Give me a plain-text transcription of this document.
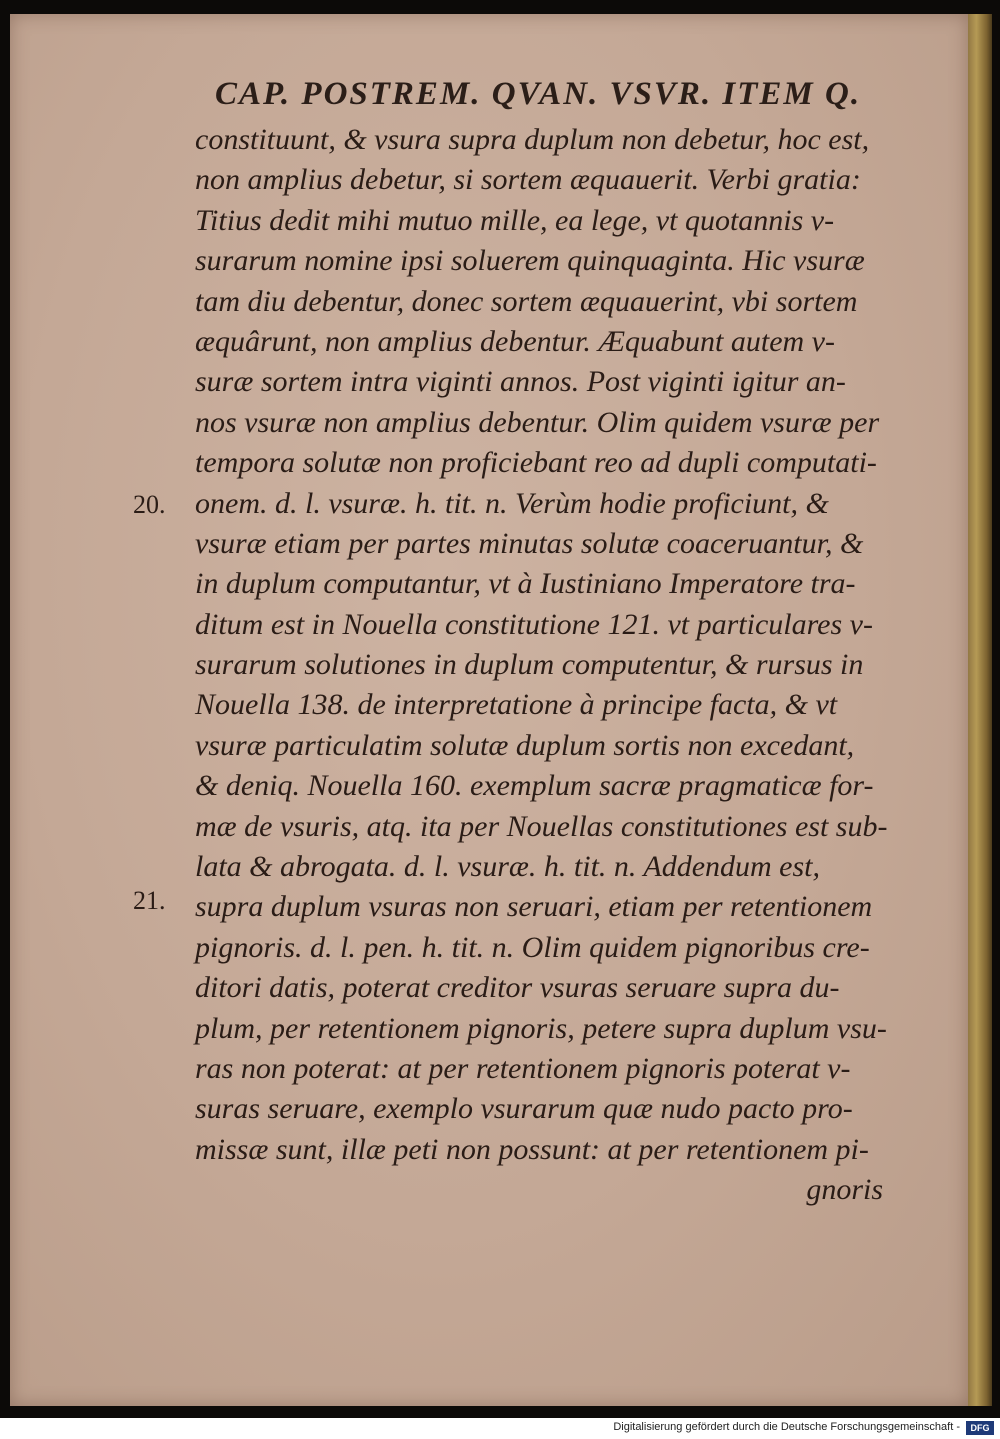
CAP. POSTREM. QVAN. VSVR. ITEM Q.
20.
21.
constituunt, & vsura supra duplum non debetur, hoc est,
non amplius debetur, si sortem æquauerit. Verbi gratia:
Titius dedit mihi mutuo mille, ea lege, vt quotannis v-
surarum nomine ipsi soluerem quinquaginta. Hic vsuræ
tam diu debentur, donec sortem æquauerint, vbi sortem
æquârunt, non amplius debentur. Æquabunt autem v-
suræ sortem intra viginti annos. Post viginti igitur an-
nos vsuræ non amplius debentur. Olim quidem vsuræ per
tempora solutæ non proficiebant reo ad dupli computati-
onem. d. l. vsuræ. h. tit. n. Verùm hodie proficiunt, &
vsuræ etiam per partes minutas solutæ coaceruantur, &
in duplum computantur, vt à Iustiniano Imperatore tra-
ditum est in Nouella constitutione 121. vt particulares v-
surarum solutiones in duplum computentur, & rursus in
Nouella 138. de interpretatione à principe facta, & vt
vsuræ particulatim solutæ duplum sortis non excedant,
& deniq. Nouella 160. exemplum sacræ pragmaticæ for-
mæ de vsuris, atq. ita per Nouellas constitutiones est sub-
lata & abrogata. d. l. vsuræ. h. tit. n. Addendum est,
supra duplum vsuras non seruari, etiam per retentionem
pignoris. d. l. pen. h. tit. n. Olim quidem pignoribus cre-
ditori datis, poterat creditor vsuras seruare supra du-
plum, per retentionem pignoris, petere supra duplum vsu-
ras non poterat: at per retentionem pignoris poterat v-
suras seruare, exemplo vsurarum quæ nudo pacto pro-
missæ sunt, illæ peti non possunt: at per retentionem pi-
gnoris
Digitalisierung gefördert durch die Deutsche Forschungsgemeinschaft -	DFG
